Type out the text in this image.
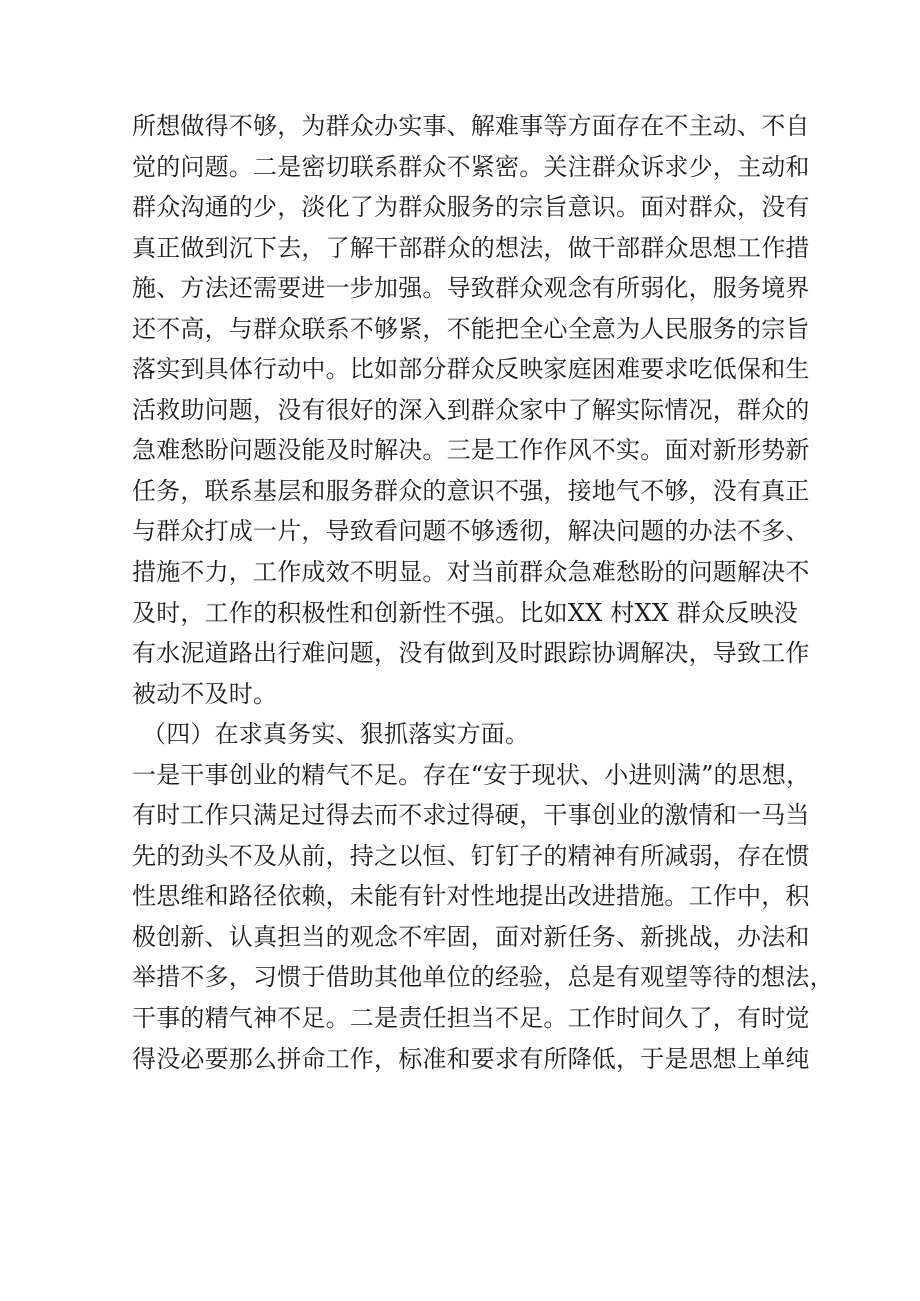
所想做得不够，为群众办实事、解难事等方面存在不主动、不自
觉的问题。二是密切联系群众不紧密。关注群众诉求少，主动和
群众沟通的少，淡化了为群众服务的宗旨意识。面对群众，没有
真正做到沉下去，了解干部群众的想法，做干部群众思想工作措
施、方法还需要进一步加强。导致群众观念有所弱化，服务境界
还不高，与群众联系不够紧，不能把全心全意为人民服务的宗旨
落实到具体行动中。比如部分群众反映家庭困难要求吃低保和生
活救助问题，没有很好的深入到群众家中了解实际情况，群众的
急难愁盼问题没能及时解决。三是工作作风不实。面对新形势新
任务，联系基层和服务群众的意识不强，接地气不够，没有真正
与群众打成一片，导致看问题不够透彻，解决问题的办法不多、
措施不力，工作成效不明显。对当前群众急难愁盼的问题解决不
及时，工作的积极性和创新性不强。比如XX 村XX 群众反映没
有水泥道路出行难问题，没有做到及时跟踪协调解决，导致工作
被动不及时。
（四）在求真务实、狠抓落实方面。
一是干事创业的精气不足。存在“安于现状、小进则满”的思想，
有时工作只满足过得去而不求过得硬，干事创业的激情和一马当
先的劲头不及从前，持之以恒、钉钉子的精神有所减弱，存在惯
性思维和路径依赖，未能有针对性地提出改进措施。工作中，积
极创新、认真担当的观念不牢固，面对新任务、新挑战，办法和
举措不多，习惯于借助其他单位的经验，总是有观望等待的想法，
干事的精气神不足。二是责任担当不足。工作时间久了，有时觉
得没必要那么拼命工作，标准和要求有所降低，于是思想上单纯
